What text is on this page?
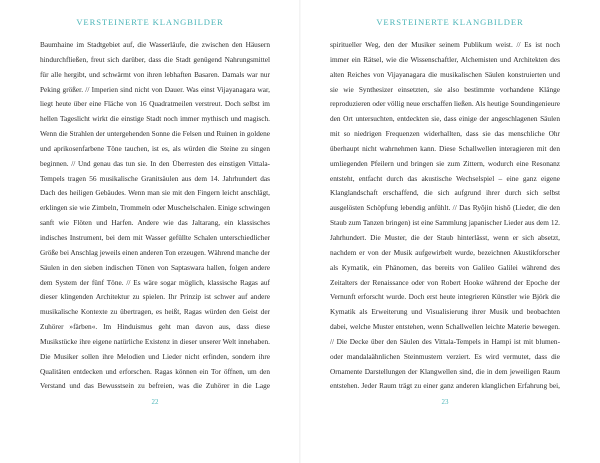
VERSTEINERTE KLANGBILDER

Baumhaine im Stadtgebiet auf, die Wasserläufe, die zwischen den Häusern hindurchfließen, freut sich darüber, dass die Stadt genügend Nahrungsmittel für alle hergibt, und schwärmt von ihren lebhaften Basaren. Damals war nur Peking größer. // Imperien sind nicht von Dauer. Was einst Vijayanagara war, liegt heute über eine Fläche von 16 Quadratmeilen verstreut. Doch selbst im hellen Tageslicht wirkt die einstige Stadt noch immer mythisch und magisch. Wenn die Strahlen der untergehenden Sonne die Felsen und Ruinen in goldene und aprikosenfarbene Töne tauchen, ist es, als würden die Steine zu singen beginnen. // Und genau das tun sie. In den Überresten des einstigen Vittala-Tempels tragen 56 musikalische Granitsäulen aus dem 14. Jahrhundert das Dach des heiligen Gebäudes. Wenn man sie mit den Fingern leicht anschlägt, erklingen sie wie Zimbeln, Trommeln oder Muschelschalen. Einige schwingen sanft wie Flöten und Harfen. Andere wie das Jaltarang, ein klassisches indisches Instrument, bei dem mit Wasser gefüllte Schalen unterschiedlicher Größe bei Anschlag jeweils einen anderen Ton erzeugen. Während manche der Säulen in den sieben indischen Tönen von Saptaswara hallen, folgen andere dem System der fünf Töne. // Es wäre sogar möglich, klassische Ragas auf dieser klingenden Architektur zu spielen. Ihr Prinzip ist schwer auf andere musikalische Kontexte zu übertragen, es heißt, Ragas würden den Geist der Zuhörer »färben«. Im Hinduismus geht man davon aus, dass diese Musikstücke ihre eigene natürliche Existenz in dieser unserer Welt innehaben. Die Musiker sollen ihre Melodien und Lieder nicht erfinden, sondern ihre Qualitäten entdecken und erforschen. Ragas können ein Tor öffnen, um den Verstand und das Bewusstsein zu befreien, was die Zuhörer in die Lage

22
VERSTEINERTE KLANGBILDER

spiritueller Weg, den der Musiker seinem Publikum weist. // Es ist noch immer ein Rätsel, wie die Wissenschaftler, Alchemisten und Architekten des alten Reiches von Vijayanagara die musikalischen Säulen konstruierten und sie wie Synthesizer einsetzten, sie also bestimmte vorhandene Klänge reproduzieren oder völlig neue erschaffen ließen. Als heutige Soundingenieure den Ort untersuchten, entdeckten sie, dass einige der angeschlagenen Säulen mit so niedrigen Frequenzen widerhallten, dass sie das menschliche Ohr überhaupt nicht wahrnehmen kann. Diese Schallwellen interagieren mit den umliegenden Pfeilern und bringen sie zum Zittern, wodurch eine Resonanz entsteht, entfacht durch das akustische Wechselspiel – eine ganz eigene Klanglandschaft erschaffend, die sich aufgrund ihrer durch sich selbst ausgelösten Schöpfung lebendig anfühlt. // Das Ryōjin hishō (Lieder, die den Staub zum Tanzen bringen) ist eine Sammlung japanischer Lieder aus dem 12. Jahrhundert. Die Muster, die der Staub hinterlässt, wenn er sich absetzt, nachdem er von der Musik aufgewirbelt wurde, bezeichnen Akustikforscher als Kymatik, ein Phänomen, das bereits von Galileo Galilei während des Zeitalters der Renaissance oder von Robert Hooke während der Epoche der Vernunft erforscht wurde. Doch erst heute integrieren Künstler wie Björk die Kymatik als Erweiterung und Visualisierung ihrer Musik und beobachten dabei, welche Muster entstehen, wenn Schallwellen leichte Materie bewegen. // Die Decke über den Säulen des Vittala-Tempels in Hampi ist mit blumen- oder mandalaähnlichen Steinmustern verziert. Es wird vermutet, dass die Ornamente Darstellungen der Klangwellen sind, die in dem jeweiligen Raum entstehen. Jeder Raum trägt zu einer ganz anderen klanglichen Erfahrung bei,

23
